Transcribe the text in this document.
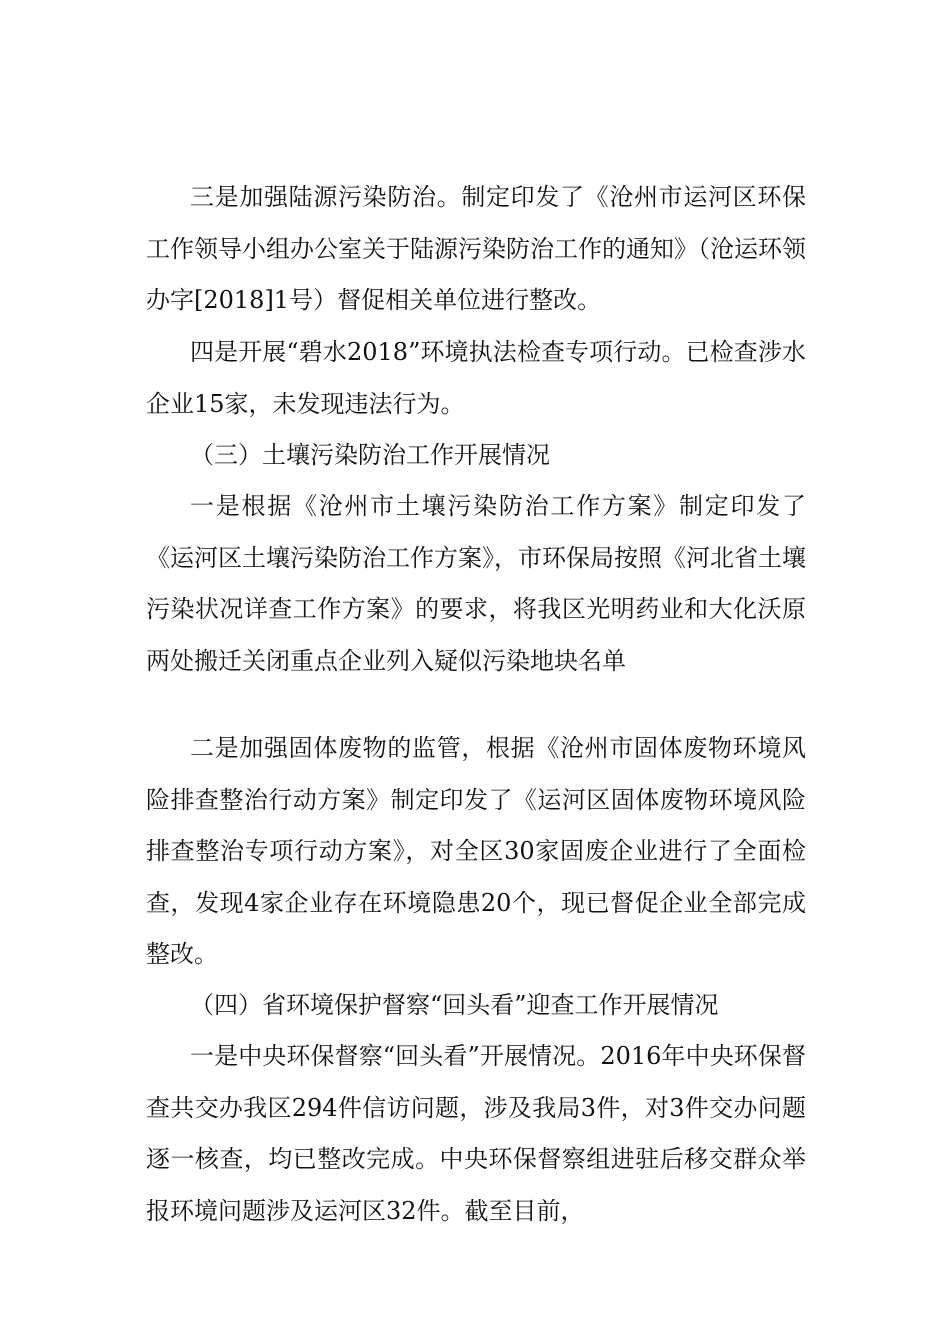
三是加强陆源污染防治。制定印发了《沧州市运河区环保工作领导小组办公室关于陆源污染防治工作的通知》（沧运环领办字[2018]1号）督促相关单位进行整改。

四是开展“碧水2018”环境执法检查专项行动。已检查涉水企业15家，未发现违法行为。

（三）土壤污染防治工作开展情况

一是根据《沧州市土壤污染防治工作方案》制定印发了《运河区土壤污染防治工作方案》，市环保局按照《河北省土壤污染状况详查工作方案》的要求，将我区光明药业和大化沃原两处搬迁关闭重点企业列入疑似污染地块名单

二是加强固体废物的监管，根据《沧州市固体废物环境风险排查整治行动方案》制定印发了《运河区固体废物环境风险排查整治专项行动方案》，对全区30家固废企业进行了全面检查，发现4家企业存在环境隐患20个，现已督促企业全部完成整改。

（四）省环境保护督察“回头看”迎查工作开展情况

一是中央环保督察“回头看”开展情况。2016年中央环保督查共交办我区294件信访问题，涉及我局3件，对3件交办问题逐一核查，均已整改完成。中央环保督察组进驻后移交群众举报环境问题涉及运河区32件。截至目前，
